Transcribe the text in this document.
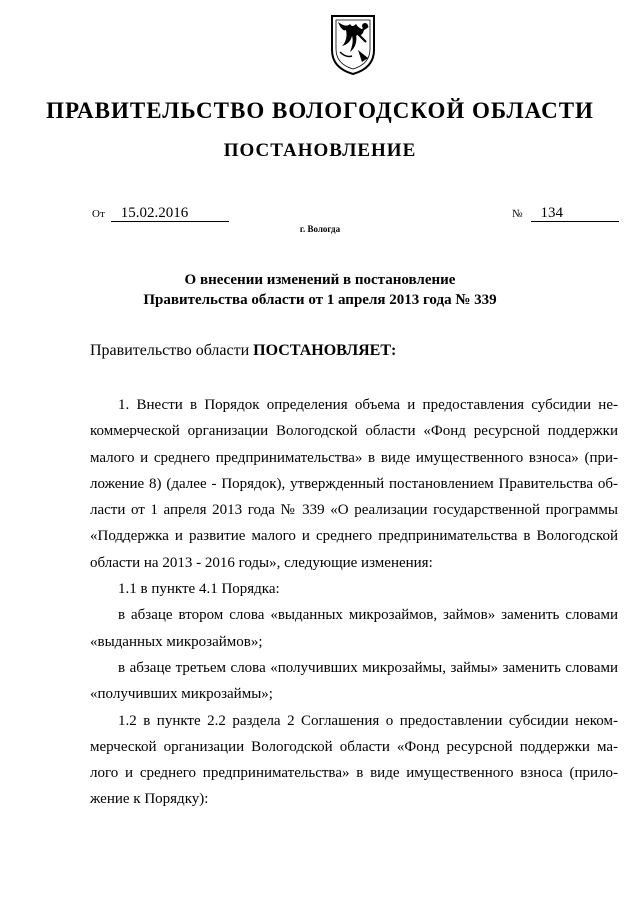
ПРАВИТЕЛЬСТВО ВОЛОГОДСКОЙ ОБЛАСТИ
ПОСТАНОВЛЕНИЕ
От 15.02.2016	№ 134
г. Вологда
О внесении изменений в постановление
Правительства области от 1 апреля 2013 года № 339
Правительство области ПОСТАНОВЛЯЕТ:

1. Внести в Порядок определения объема и предоставления субсидии не-коммерческой организации Вологодской области «Фонд ресурсной поддержки малого и среднего предпринимательства» в виде имущественного взноса» (при-ложение 8) (далее - Порядок), утвержденный постановлением Правительства об-ласти от 1 апреля 2013 года № 339 «О реализации государственной программы «Поддержка и развитие малого и среднего предпринимательства в Вологодской области на 2013 - 2016 годы», следующие изменения:

1.1 в пункте 4.1 Порядка:

в абзаце втором слова «выданных микрозаймов, займов» заменить словами «выданных микрозаймов»;

в абзаце третьем слова «получивших микрозаймы, займы» заменить словами «получивших микрозаймы»;

1.2 в пункте 2.2 раздела 2 Соглашения о предоставлении субсидии неком-мерческой организации Вологодской области «Фонд ресурсной поддержки ма-лого и среднего предпринимательства» в виде имущественного взноса (прило-жение к Порядку):
